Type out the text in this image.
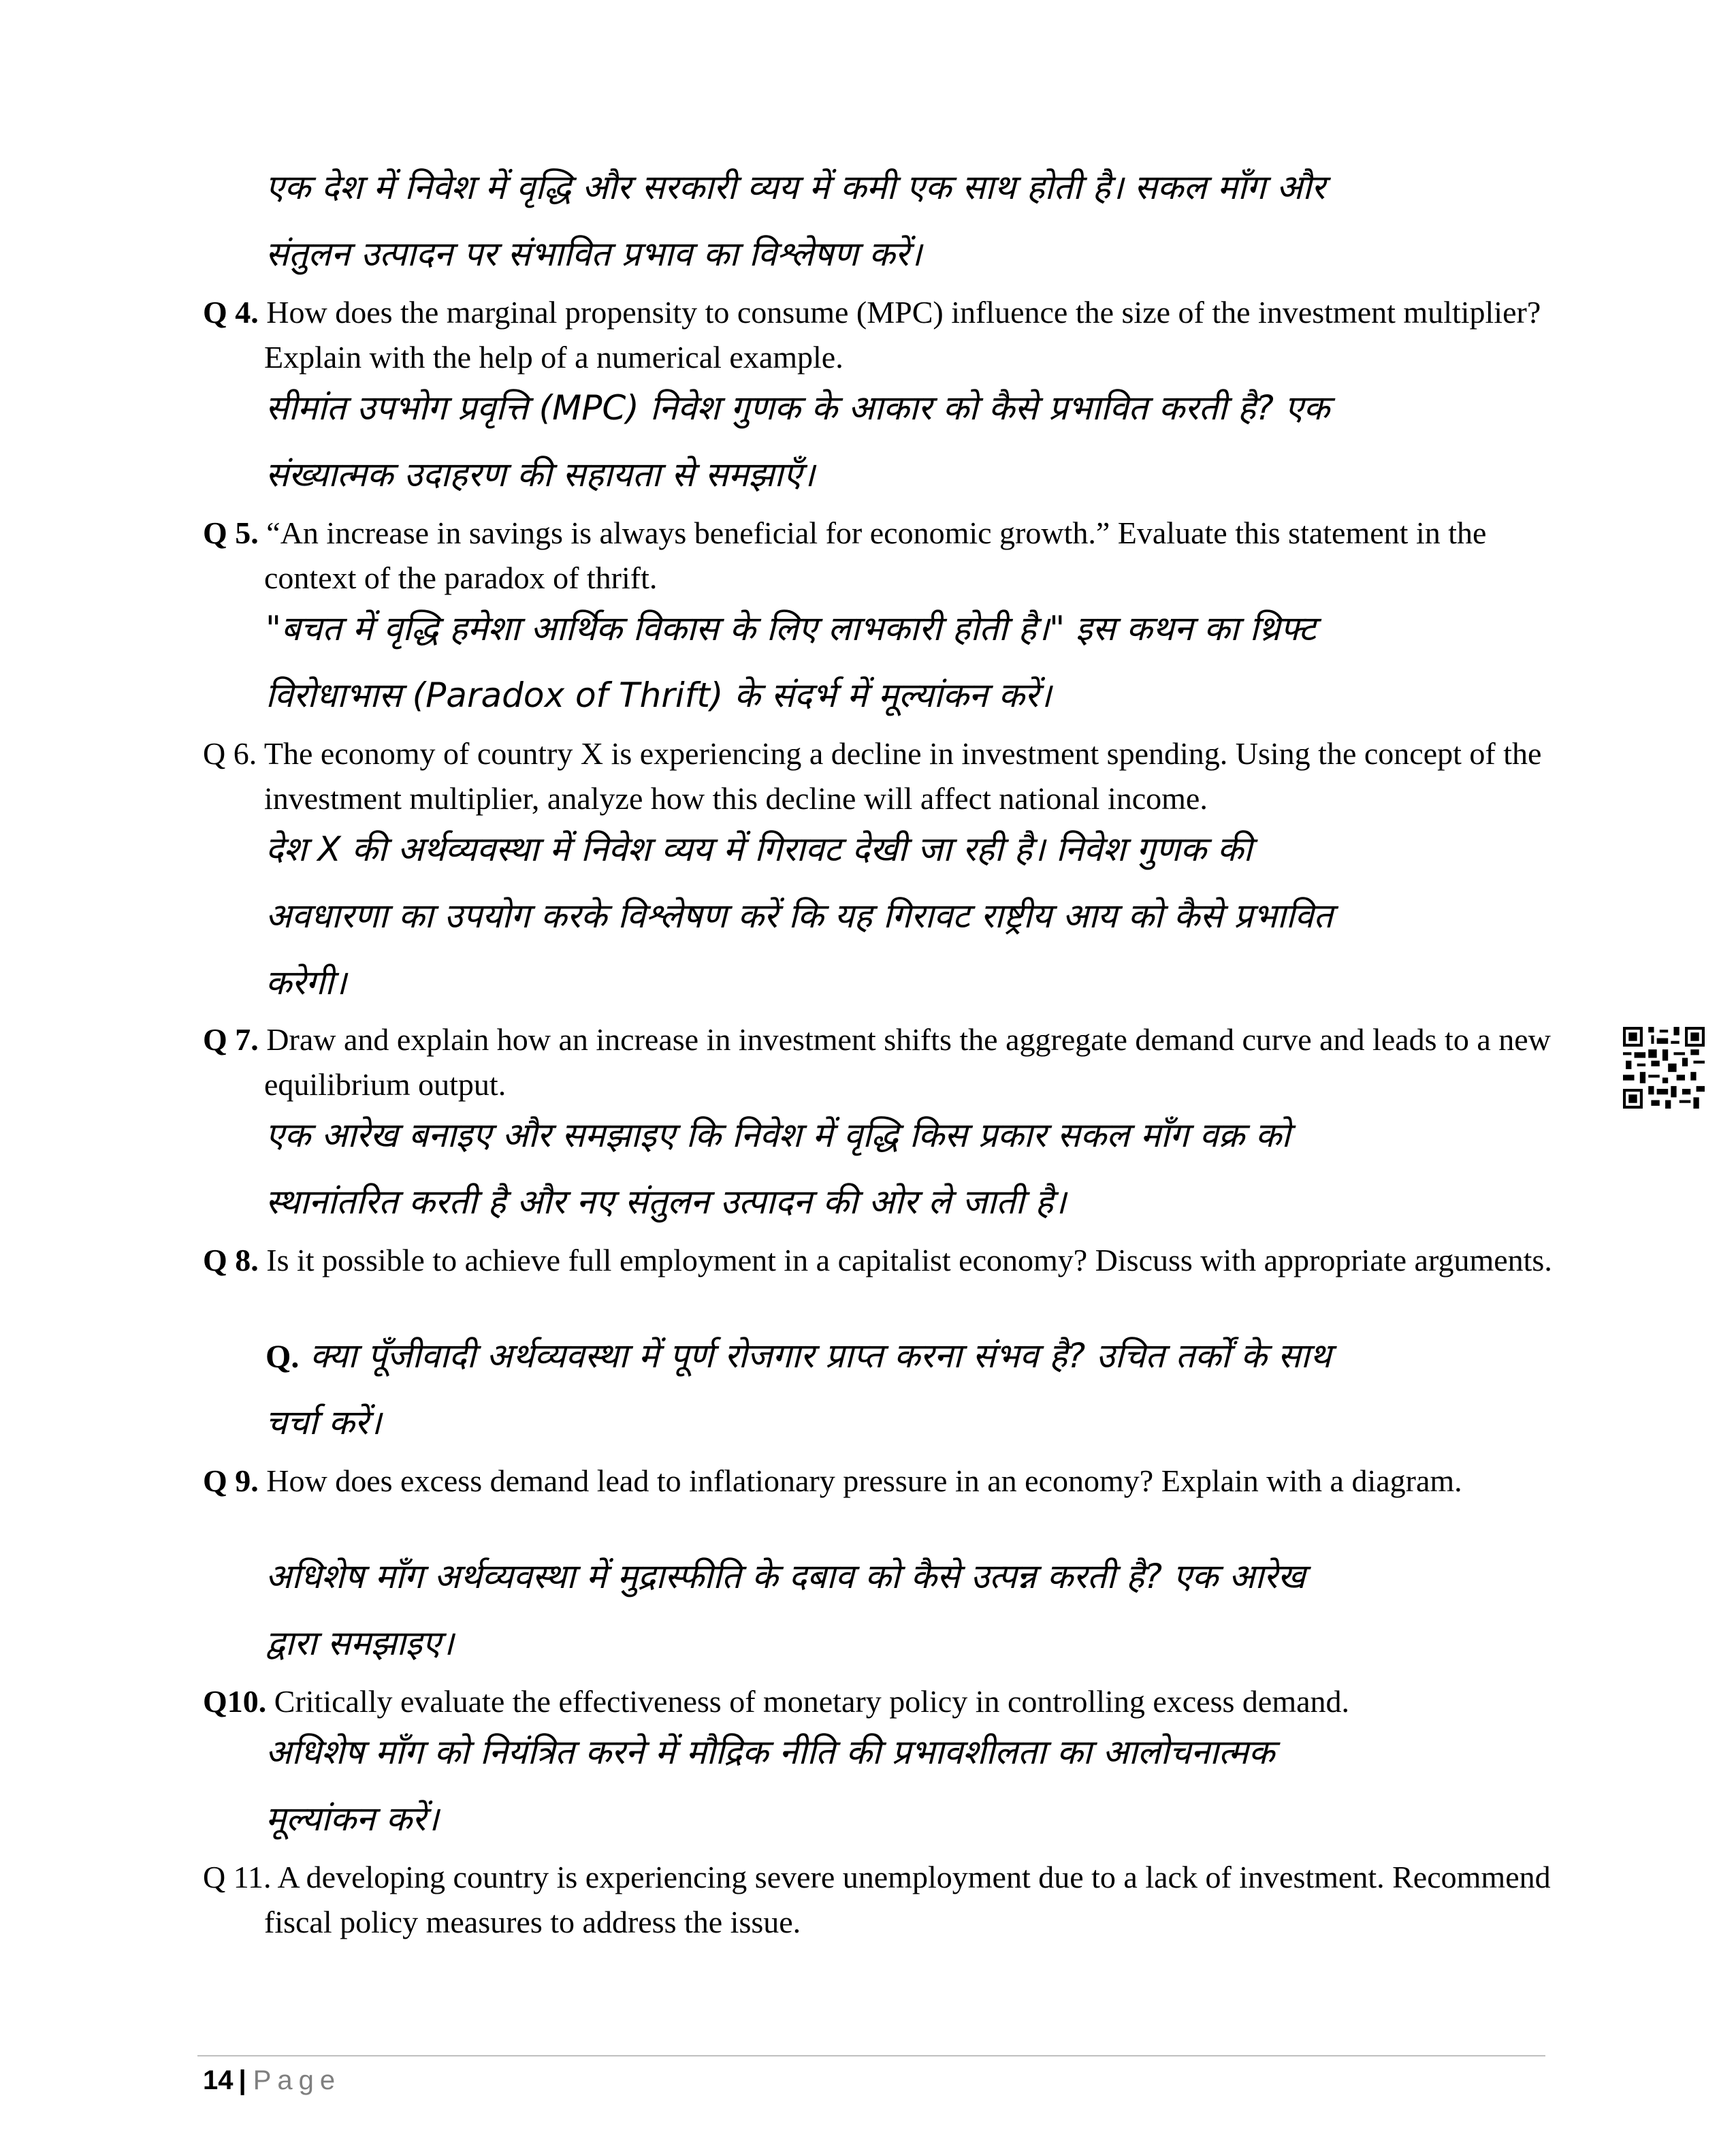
एक देश में निवेश में वृद्धि और सरकारी व्यय में कमी एक साथ होती है। सकल माँग और
संतुलन उत्पादन पर संभावित प्रभाव का विश्लेषण करें।
Q 4. How does the marginal propensity to consume (MPC) influence the size of the investment multiplier? Explain with the help of a numerical example.
सीमांत उपभोग प्रवृत्ति (MPC) निवेश गुणक के आकार को कैसे प्रभावित करती है? एक
संख्यात्मक उदाहरण की सहायता से समझाएँ।
Q 5. “An increase in savings is always beneficial for economic growth.” Evaluate this statement in the context of the paradox of thrift.
"बचत में वृद्धि हमेशा आर्थिक विकास के लिए लाभकारी होती है।" इस कथन का थ्रिफ्ट
विरोधाभास (Paradox of Thrift) के संदर्भ में मूल्यांकन करें।
Q 6. The economy of country X is experiencing a decline in investment spending. Using the concept of the investment multiplier, analyze how this decline will affect national income.
देश X की अर्थव्यवस्था में निवेश व्यय में गिरावट देखी जा रही है। निवेश गुणक की
अवधारणा का उपयोग करके विश्लेषण करें कि यह गिरावट राष्ट्रीय आय को कैसे प्रभावित
करेगी।
Q 7. Draw and explain how an increase in investment shifts the aggregate demand curve and leads to a new equilibrium output.
एक आरेख बनाइए और समझाइए कि निवेश में वृद्धि किस प्रकार सकल माँग वक्र को
स्थानांतरित करती है और नए संतुलन उत्पादन की ओर ले जाती है।
Q 8. Is it possible to achieve full employment in a capitalist economy? Discuss with appropriate arguments.
Q. क्या पूँजीवादी अर्थव्यवस्था में पूर्ण रोजगार प्राप्त करना संभव है? उचित तर्कों के साथ
चर्चा करें।
Q 9. How does excess demand lead to inflationary pressure in an economy? Explain with a diagram.
अधिशेष माँग अर्थव्यवस्था में मुद्रास्फीति के दबाव को कैसे उत्पन्न करती है? एक आरेख
द्वारा समझाइए।
Q10. Critically evaluate the effectiveness of monetary policy in controlling excess demand.
अधिशेष माँग को नियंत्रित करने में मौद्रिक नीति की प्रभावशीलता का आलोचनात्मक
मूल्यांकन करें।
Q 11. A developing country is experiencing severe unemployment due to a lack of investment. Recommend fiscal policy measures to address the issue.
14 | Page
